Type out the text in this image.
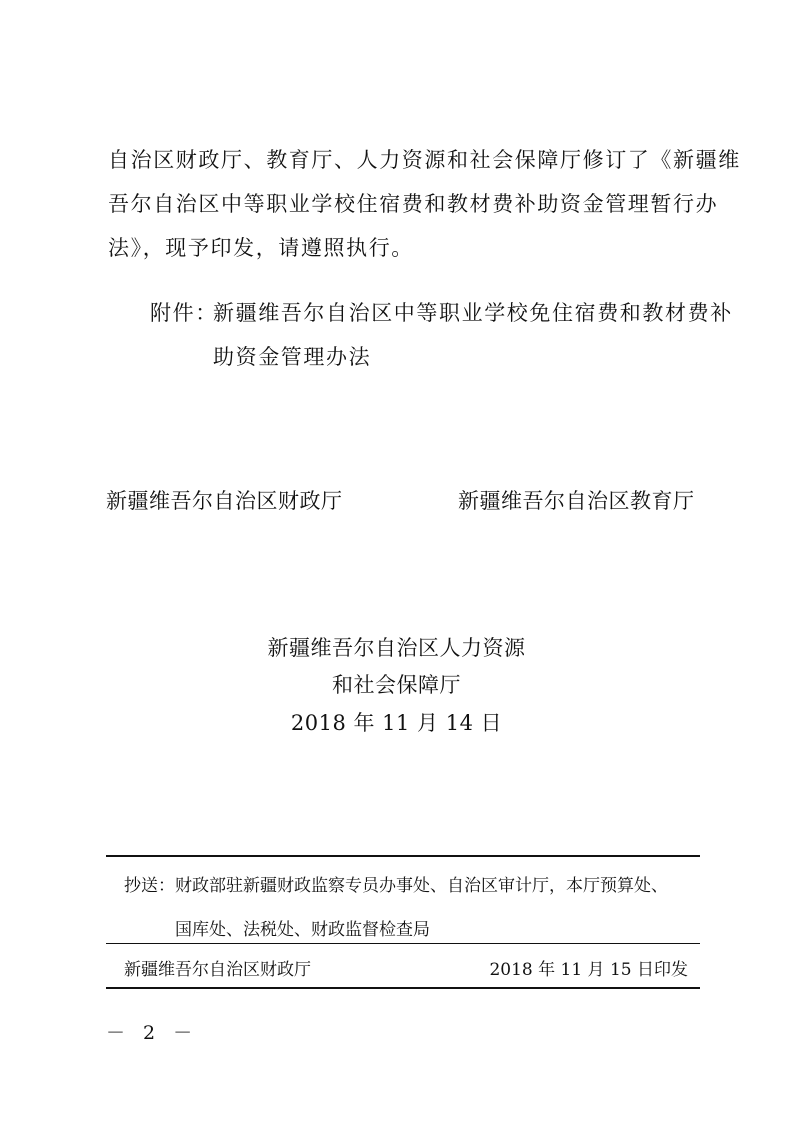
自治区财政厅、教育厅、人力资源和社会保障厅修订了《新疆维
吾尔自治区中等职业学校住宿费和教材费补助资金管理暂行办
法》，现予印发，请遵照执行。
附件：
新疆维吾尔自治区中等职业学校免住宿费和教材费补
助资金管理办法
新疆维吾尔自治区财政厅	新疆维吾尔自治区教育厅
新疆维吾尔自治区人力资源
和社会保障厅
2018 年 11 月 14 日
抄送： 财政部驻新疆财政监察专员办事处、自治区审计厅，本厅预算处、
国库处、法税处、财政监督检查局
新疆维吾尔自治区财政厅	2018 年 11 月 15 日印发
－ 2 －
